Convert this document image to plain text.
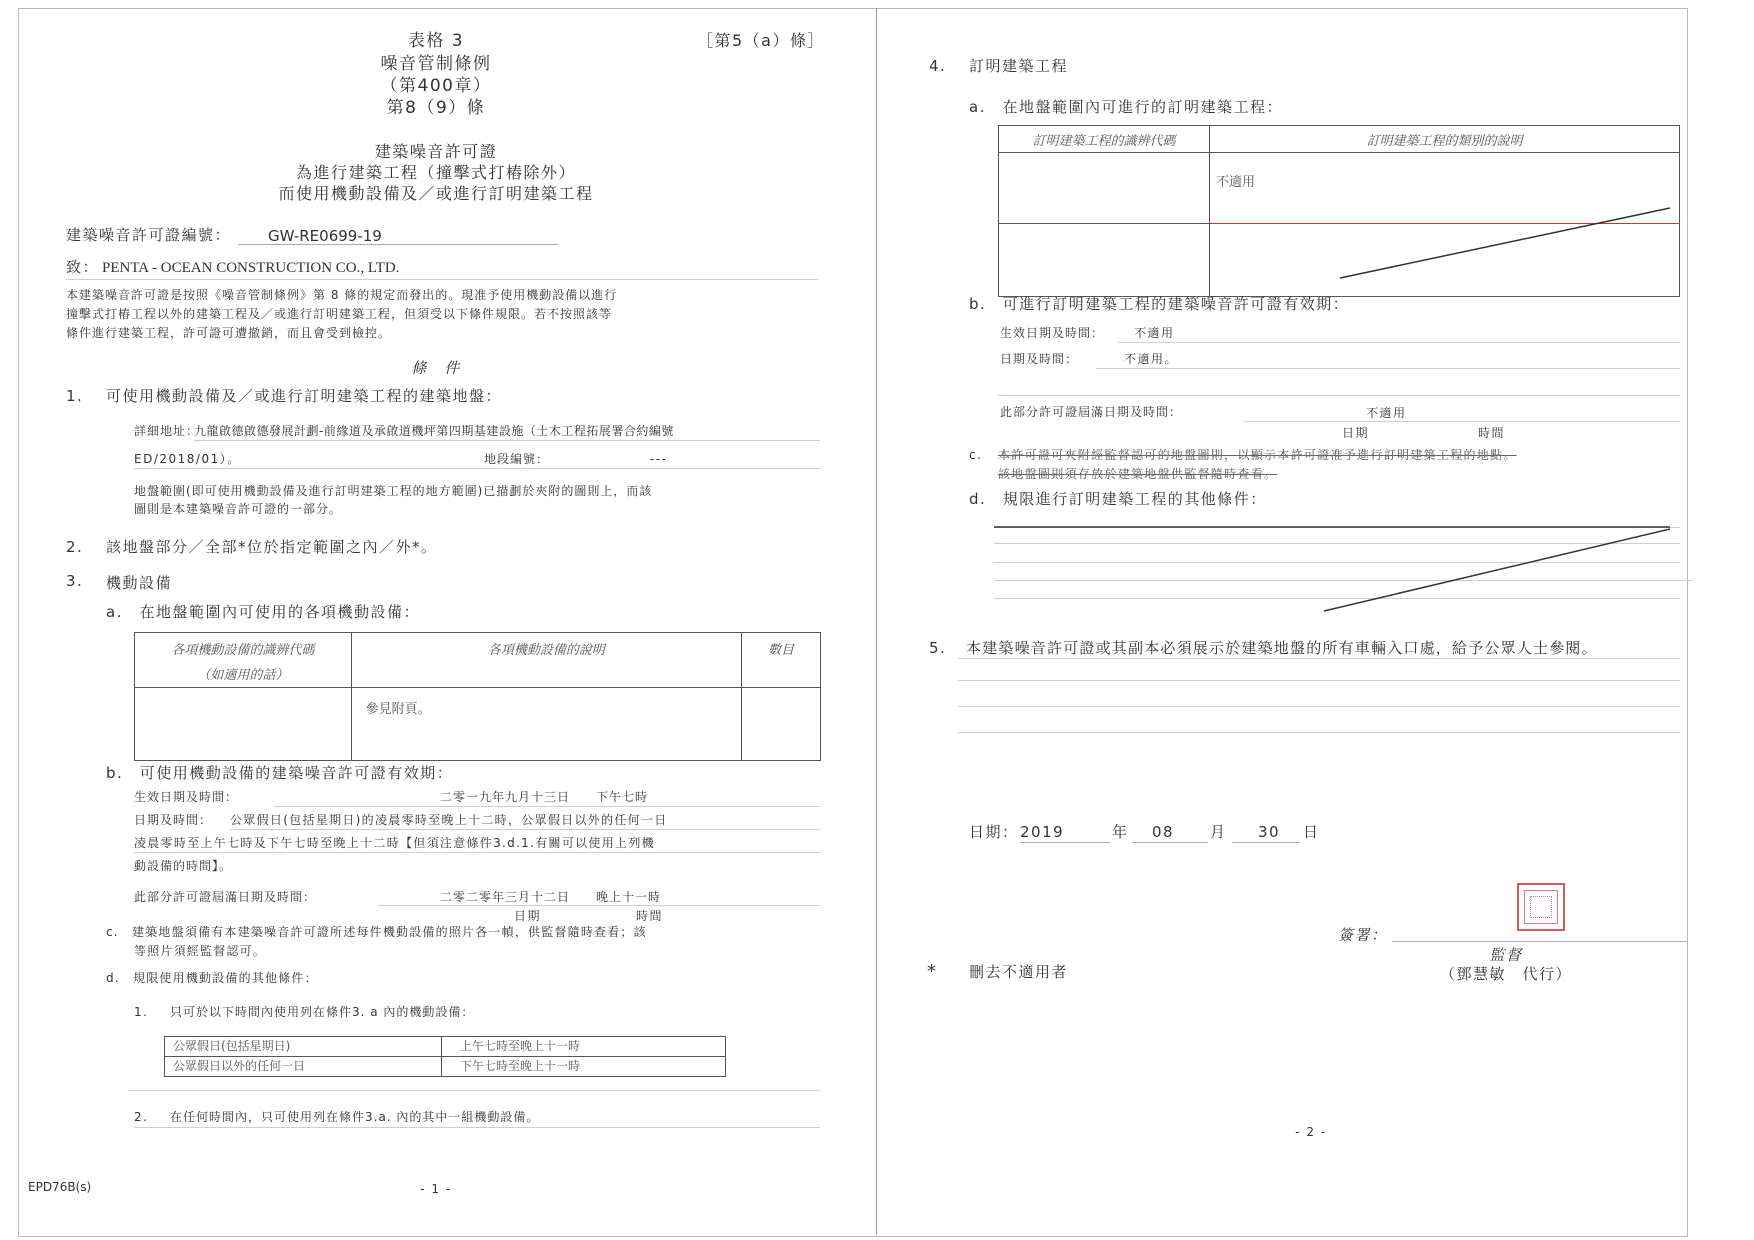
表格 3	［第5（a）條］
噪音管制條例
（第400章）
第8（9）條
建築噪音許可證
為進行建築工程（撞擊式打樁除外）
而使用機動設備及／或進行訂明建築工程
建築噪音許可證編號： GW-RE0699-19
致： PENTA - OCEAN CONSTRUCTION CO., LTD.
本建築噪音許可證是按照《噪音管制條例》第 8 條的規定而發出的。現准予使用機動設備以進行
撞擊式打樁工程以外的建築工程及／或進行訂明建築工程，但須受以下條件規限。若不按照該等
條件進行建築工程，許可證可遭撤銷，而且會受到檢控。
條　件
1. 可使用機動設備及／或進行訂明建築工程的建築地盤：
詳細地址：
九龍啟德啟德發展計劃-前緣道及承啟道機坪第四期基建設施（土木工程拓展署合約編號
ED/2018/01）。	地段編號：	---
地盤範圍(即可使用機動設備及進行訂明建築工程的地方範圍)已描劃於夾附的圖則上，而該
圖則是本建築噪音許可證的一部分。
2. 該地盤部分／全部*位於指定範圍之內／外*。
3. 機動設備
a.　在地盤範圍內可使用的各項機動設備：
各項機動設備的識辨代碼
（如適用的話）	各項機動設備的說明	數目
	參見附頁。	
b.　可使用機動設備的建築噪音許可證有效期：
生效日期及時間：	二零一九年九月十三日　　下午七時
日期及時間： 公眾假日(包括星期日)的凌晨零時至晚上十二時，公眾假日以外的任何一日
凌晨零時至上午七時及下午七時至晚上十二時【但須注意條件3.d.1.有關可以使用上列機
動設備的時間】。
此部分許可證屆滿日期及時間：	二零二零年三月十二日　　晚上十一時
日期	時間
c.　建築地盤須備有本建築噪音許可證所述每件機動設備的照片各一幀，供監督隨時查看；該
等照片須經監督認可。
d.　規限使用機動設備的其他條件：
1. 只可於以下時間內使用列在條件3. a 內的機動設備：
公眾假日(包括星期日)	上午七時至晚上十一時
公眾假日以外的任何一日	下午七時至晚上十一時
2. 在任何時間內，只可使用列在條件3.a. 內的其中一組機動設備。
EPD76B(s)	- 1 -
4. 訂明建築工程
a.　在地盤範圍內可進行的訂明建築工程：
訂明建築工程的識辨代碼	訂明建築工程的類別的說明
	不適用

b.　可進行訂明建築工程的建築噪音許可證有效期：
生效日期及時間： 不適用
日期及時間：	不適用。
此部分許可證屆滿日期及時間：	不適用
日期	時間
c. 本許可證可夾附經監督認可的地盤圖則，以顯示本許可證准予進行訂明建築工程的地點。
該地盤圖則須存放於建築地盤供監督隨時查看。
d.　規限進行訂明建築工程的其他條件：
5. 本建築噪音許可證或其副本必須展示於建築地盤的所有車輛入口處，給予公眾人士參閱。
日期： 2019	年 08 月 30 日
簽署：
監督
（鄧慧敏　代行）
* 刪去不適用者
- 2 -
